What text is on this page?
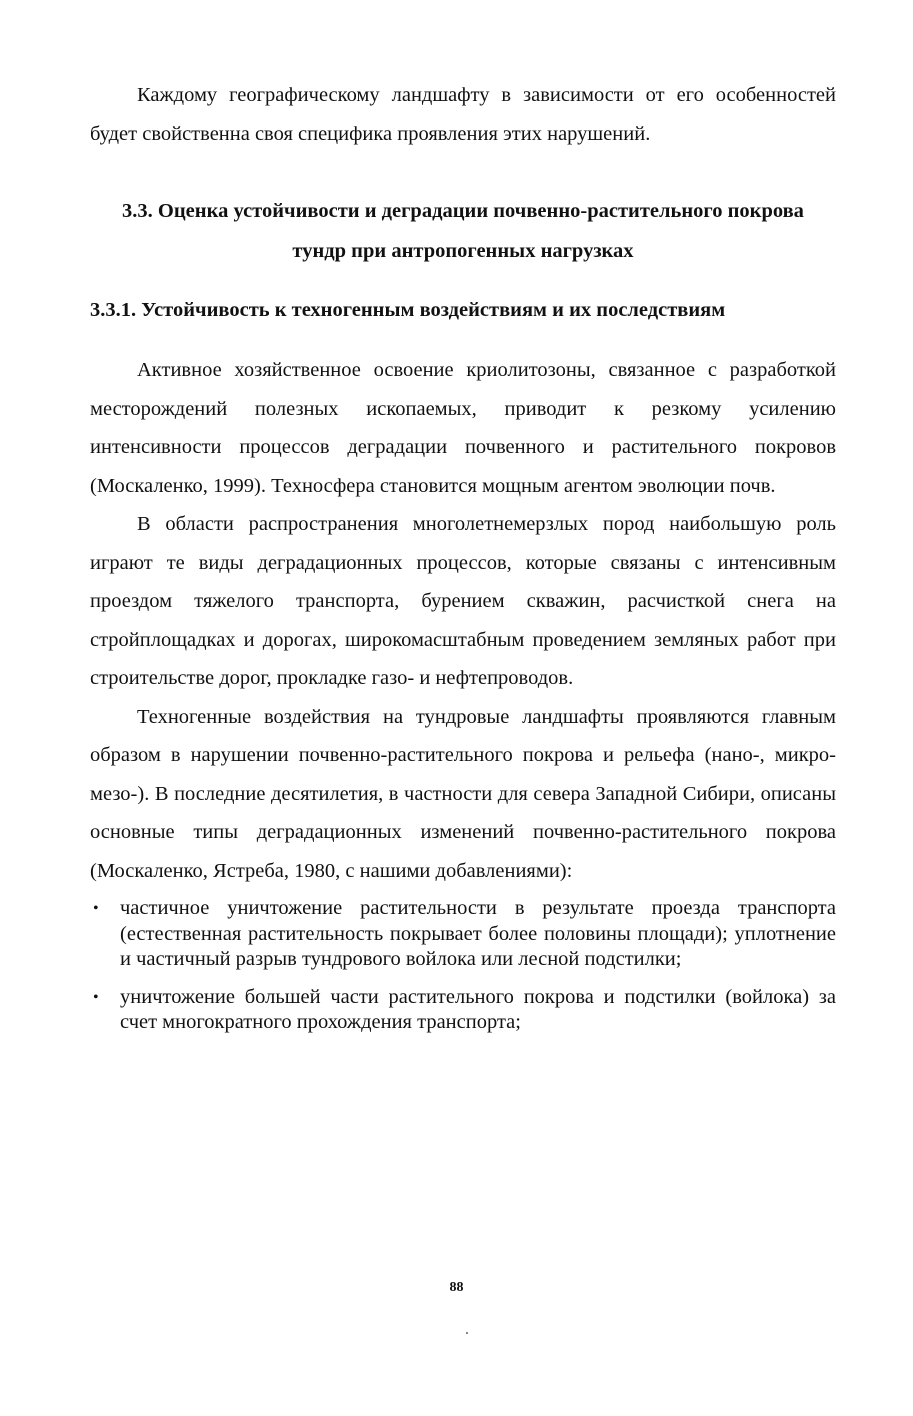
Каждому географическому ландшафту в зависимости от его особенностей будет свойственна своя специфика проявления этих нарушений.

3.3. Оценка устойчивости и деградации почвенно-растительного покрова тундр при антропогенных нагрузках
3.3.1. Устойчивость к техногенным воздействиям и их последствиям

Активное хозяйственное освоение криолитозоны, связанное с разработкой месторождений полезных ископаемых, приводит к резкому усилению интенсивности процессов деградации почвенного и растительного покровов (Москаленко, 1999). Техносфера становится мощным агентом эволюции почв.

В области распространения многолетнемерзлых пород наибольшую роль играют те виды деградационных процессов, которые связаны с интенсивным проездом тяжелого транспорта, бурением скважин, расчисткой снега на стройплощадках и дорогах, широкомасштабным проведением земляных работ при строительстве дорог, прокладке газо- и нефтепроводов.

Техногенные воздействия на тундровые ландшафты проявляются главным образом в нарушении почвенно-растительного покрова и рельефа (нано-, микро- мезо-). В последние десятилетия, в частности для севера Западной Сибири, описаны основные типы деградационных изменений почвенно-растительного покрова (Москаленко, Ястреба, 1980, с нашими добавлениями):

• частичное уничтожение растительности в результате проезда транспорта (естественная растительность покрывает более половины площади); уплотнение и частичный разрыв тундрового войлока или лесной подстилки;
• уничтожение большей части растительного покрова и подстилки (войлока) за счет многократного прохождения транспорта;
88
